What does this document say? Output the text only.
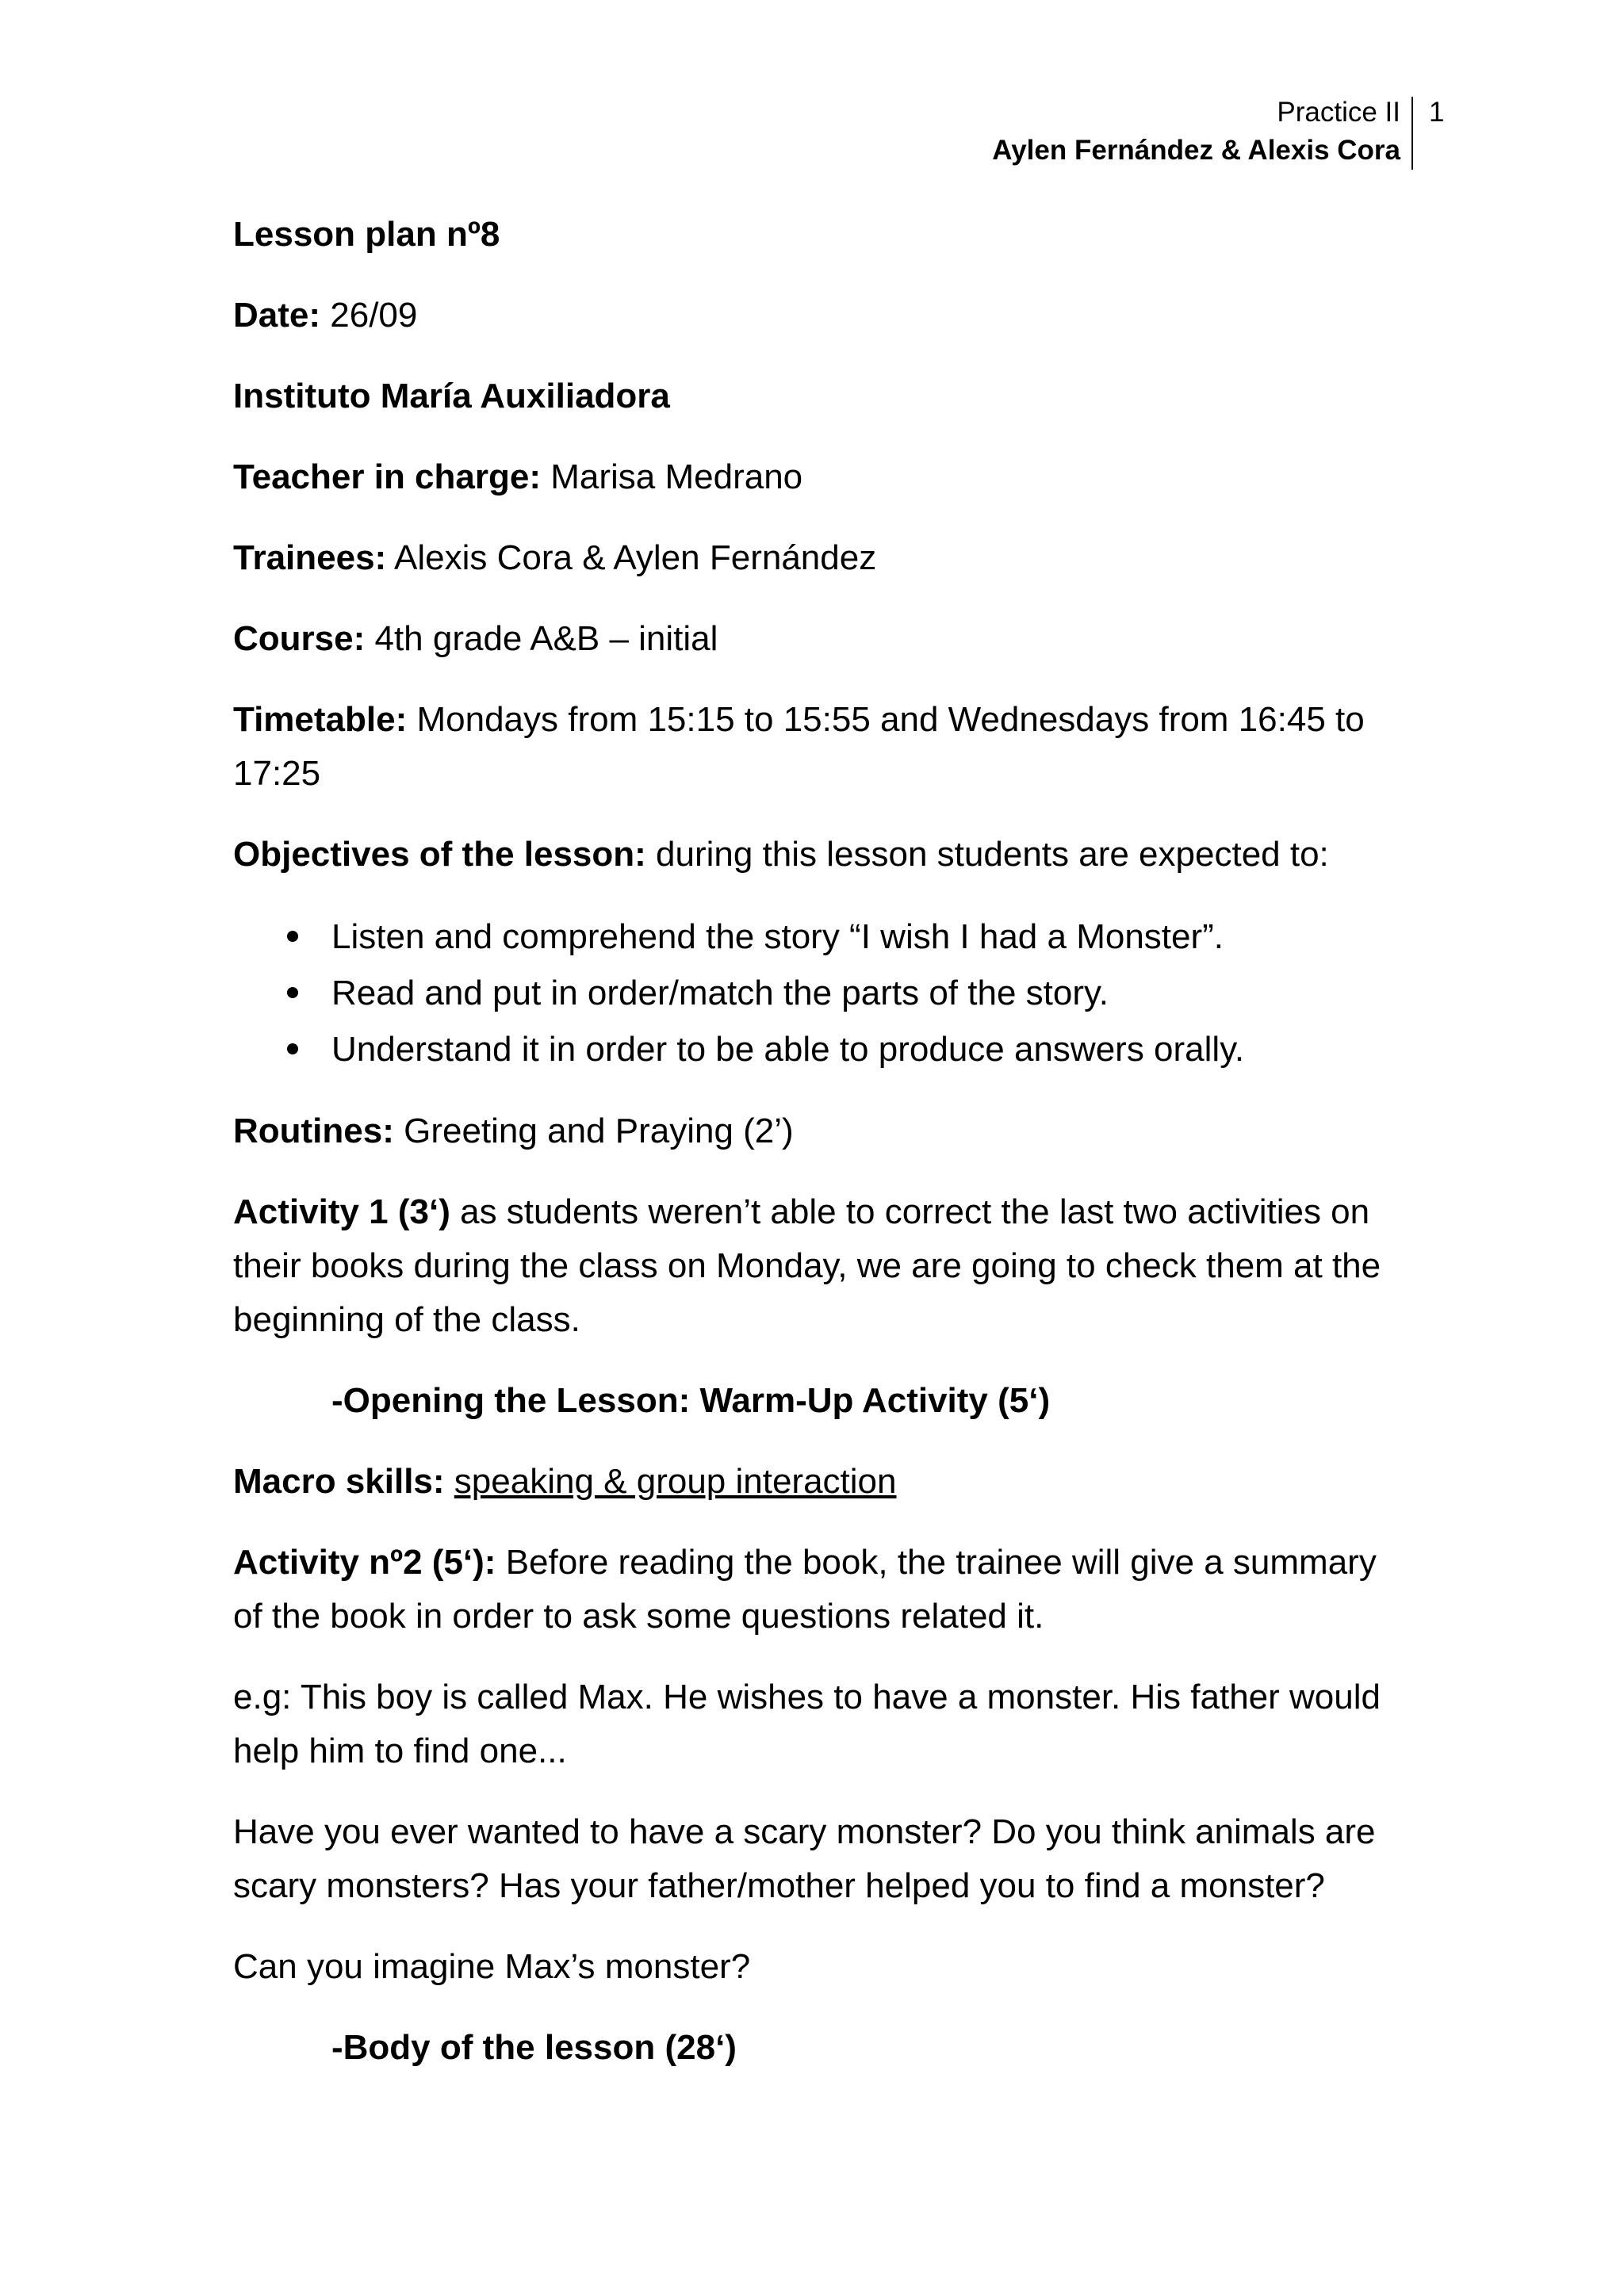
Practice II
Aylen Fernández & Alexis Cora
1

Lesson plan nº8

Date: 26/09

Instituto María Auxiliadora

Teacher in charge: Marisa Medrano

Trainees: Alexis Cora & Aylen Fernández

Course: 4th grade A&B – initial

Timetable: Mondays from 15:15 to 15:55 and Wednesdays from 16:45 to 17:25

Objectives of the lesson: during this lesson students are expected to:

Listen and comprehend the story “I wish I had a Monster”.
Read and put in order/match the parts of the story.
Understand it in order to be able to produce answers orally.

Routines: Greeting and Praying (2’)

Activity 1 (3‘) as students weren’t able to correct the last two activities on their books during the class on Monday, we are going to check them at the beginning of the class.

-Opening the Lesson: Warm-Up Activity (5‘)

Macro skills: speaking & group interaction

Activity nº2 (5‘): Before reading the book, the trainee will give a summary of the book in order to ask some questions related it.

e.g: This boy is called Max. He wishes to have a monster. His father would help him to find one...

Have you ever wanted to have a scary monster? Do you think animals are scary monsters? Has your father/mother helped you to find a monster?

Can you imagine Max’s monster?

-Body of the lesson (28‘)
